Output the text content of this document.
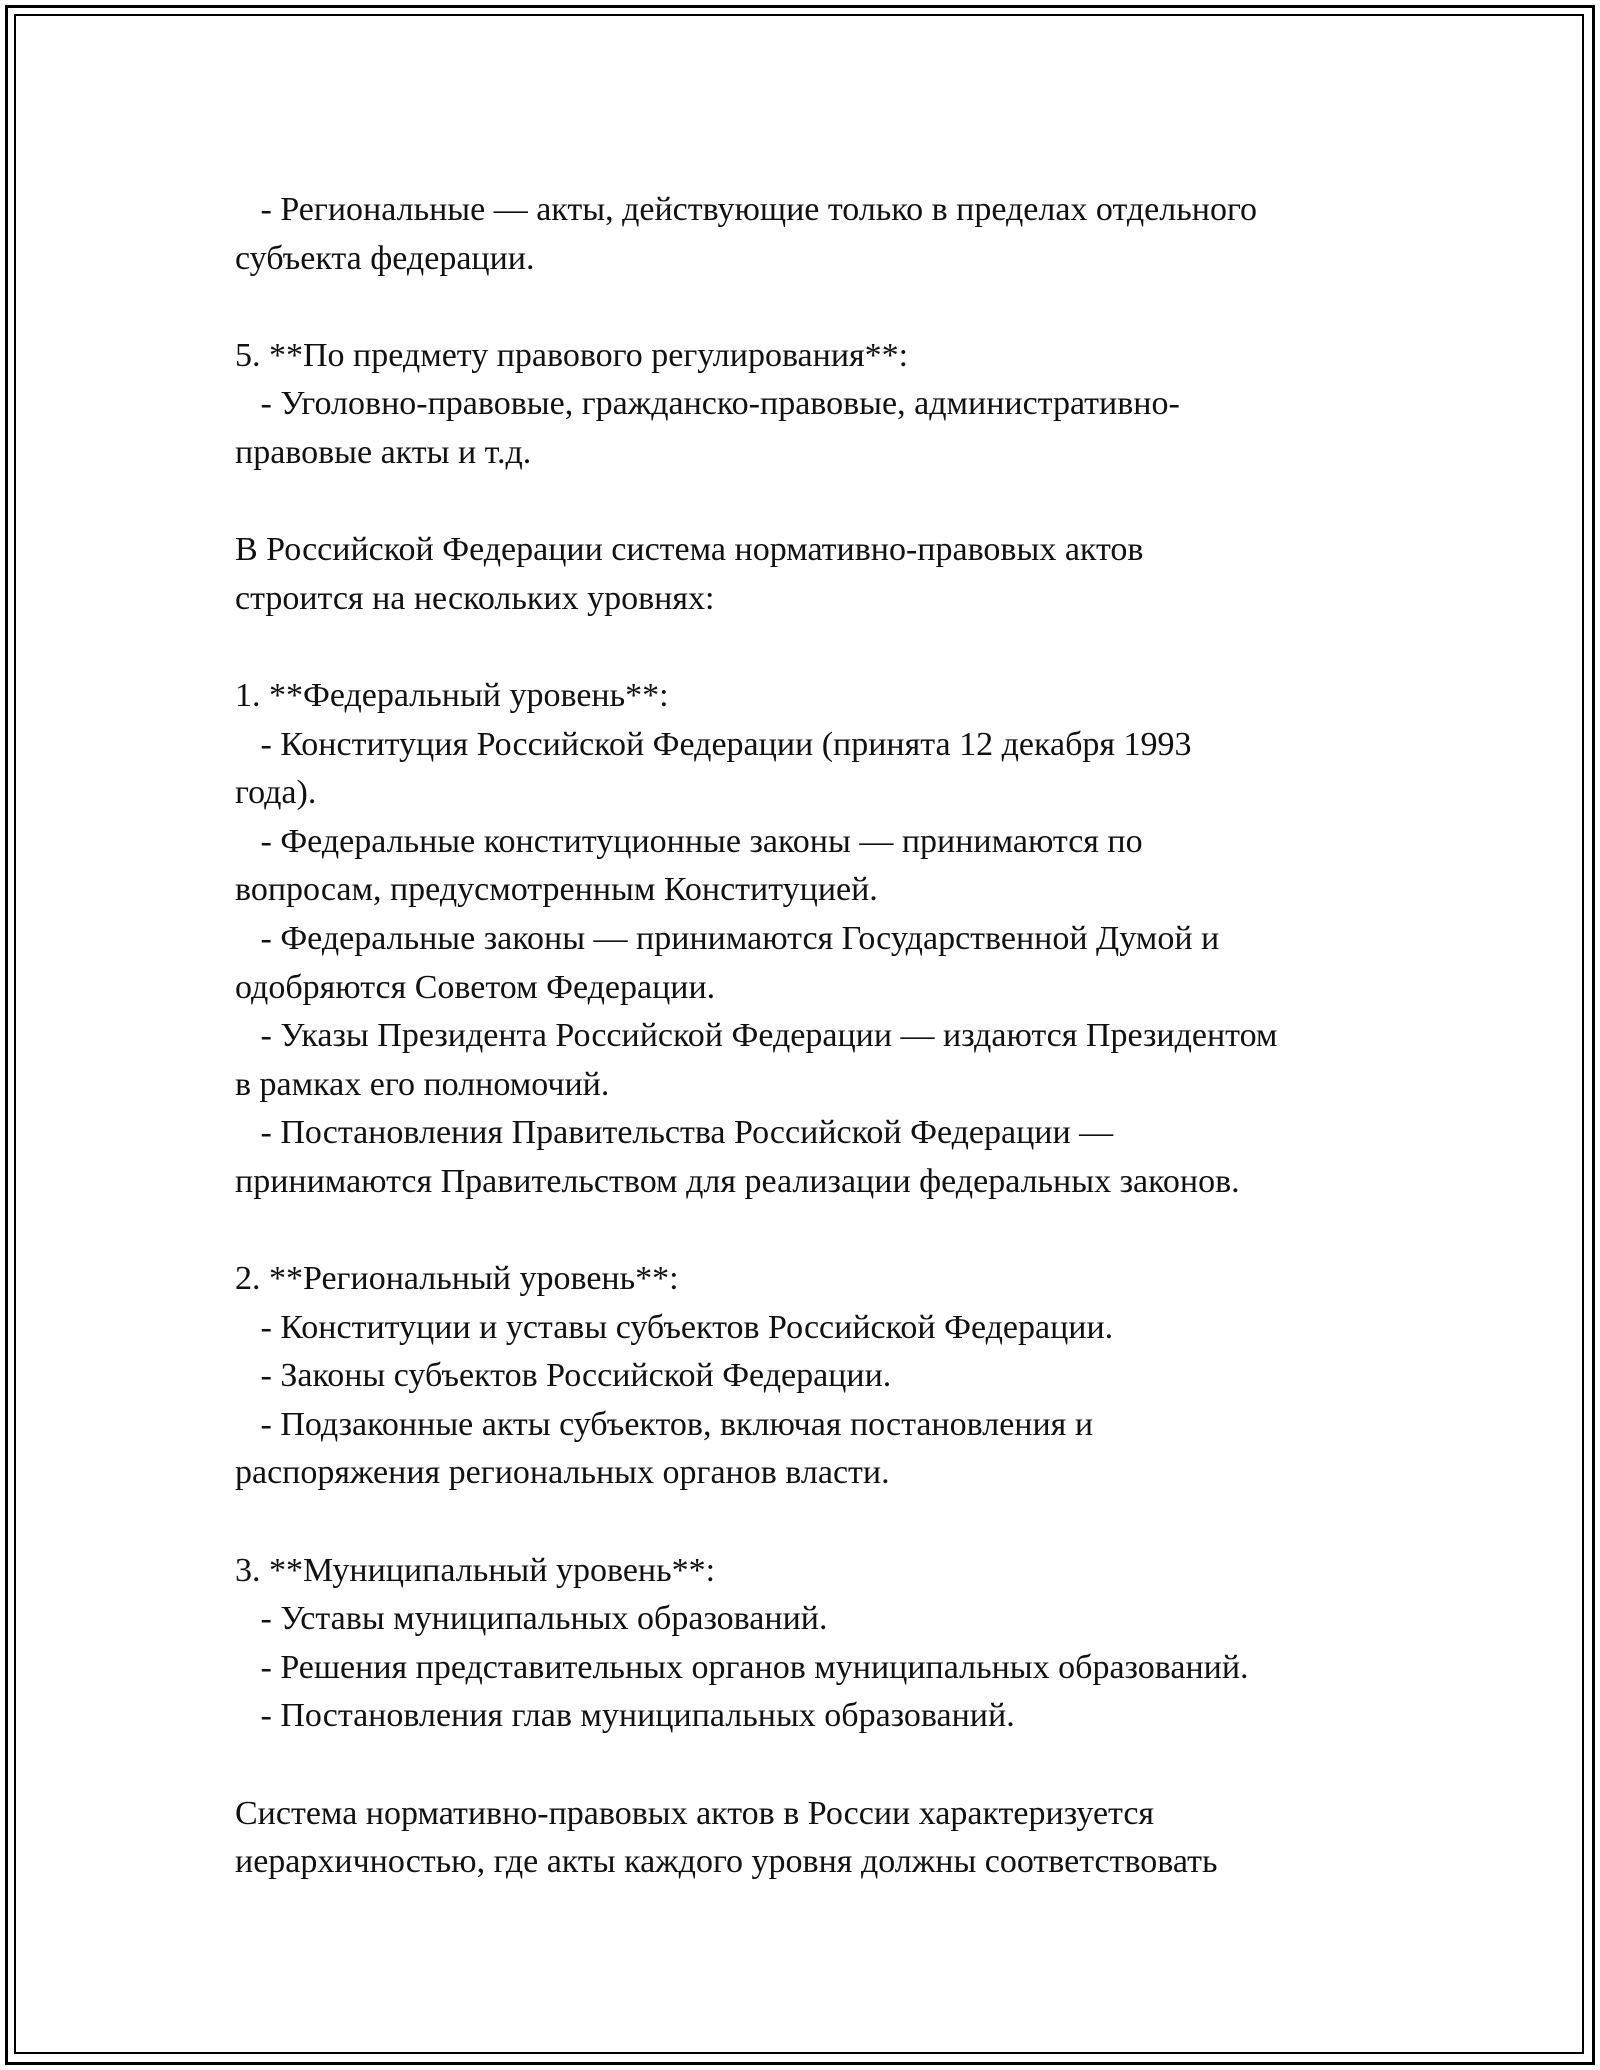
- Региональные — акты, действующие только в пределах отдельного
субъекта федерации.
5. **По предмету правового регулирования**:
- Уголовно-правовые, гражданско-правовые, административно-
правовые акты и т.д.
В Российской Федерации система нормативно-правовых актов
строится на нескольких уровнях:
1. **Федеральный уровень**:
- Конституция Российской Федерации (принята 12 декабря 1993
года).
- Федеральные конституционные законы — принимаются по
вопросам, предусмотренным Конституцией.
- Федеральные законы — принимаются Государственной Думой и
одобряются Советом Федерации.
- Указы Президента Российской Федерации — издаются Президентом
в рамках его полномочий.
- Постановления Правительства Российской Федерации —
принимаются Правительством для реализации федеральных законов.
2. **Региональный уровень**:
- Конституции и уставы субъектов Российской Федерации.
- Законы субъектов Российской Федерации.
- Подзаконные акты субъектов, включая постановления и
распоряжения региональных органов власти.
3. **Муниципальный уровень**:
- Уставы муниципальных образований.
- Решения представительных органов муниципальных образований.
- Постановления глав муниципальных образований.
Система нормативно-правовых актов в России характеризуется
иерархичностью, где акты каждого уровня должны соответствовать
